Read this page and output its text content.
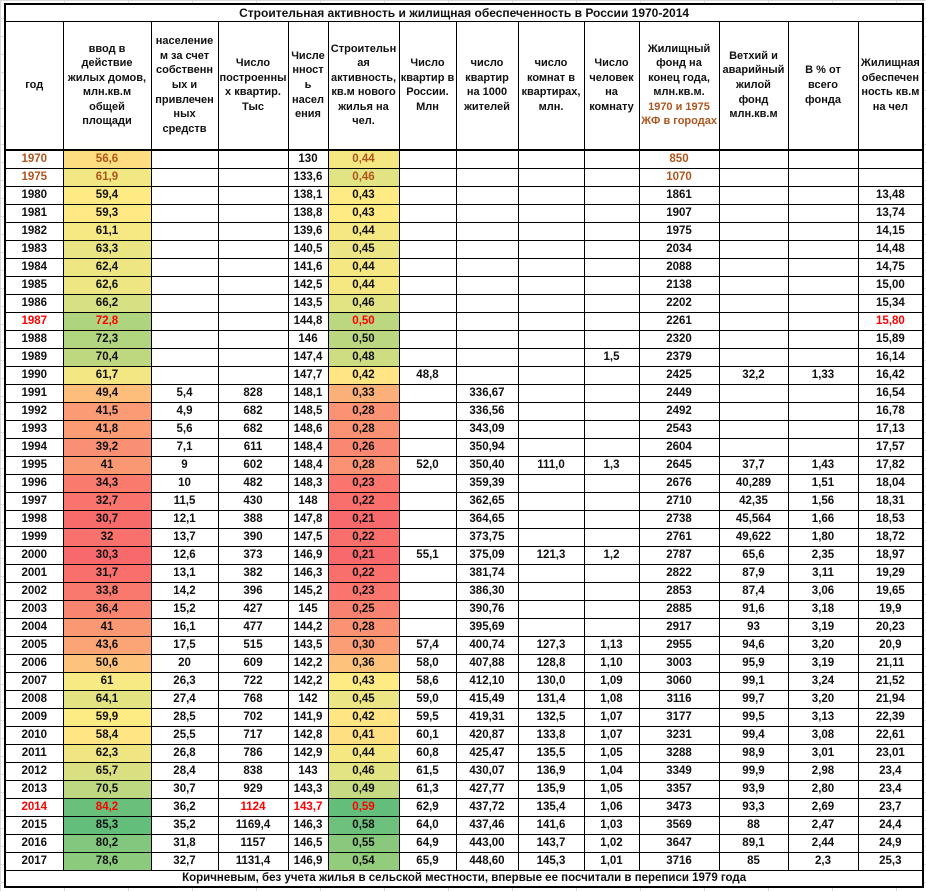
Строительная активность и жилищная обеспеченность в России 1970-2014													
год	ввод в действие жилых домов, млн.кв.м общей площади	населением за счет собственных и привлеченных средств	Число построенных квартир. Тыс	Численность населения	Строительная активность, кв.м нового жилья на чел.	Число квартир в России. Млн	число квартир на 1000 жителей	число комнат в квартирах, млн.	Число человек на комнату	Жилищный фонд на конец года, млн.кв.м. 1970 и 1975 ЖФ в городах	Ветхий и аварийный жилой фонд млн.кв.м	В % от всего фонда	Жилищная обеспеченность кв.м на чел
1970	56,6			130	0,44					850			
1975	61,9			133,6	0,46					1070			
1980	59,4			138,1	0,43					1861			13,48
1981	59,3			138,8	0,43					1907			13,74
1982	61,1			139,6	0,44					1975			14,15
1983	63,3			140,5	0,45					2034			14,48
1984	62,4			141,6	0,44					2088			14,75
1985	62,6			142,5	0,44					2138			15,00
1986	66,2			143,5	0,46					2202			15,34
1987	72,8			144,8	0,50					2261			15,80
1988	72,3			146	0,50					2320			15,89
1989	70,4			147,4	0,48				1,5	2379			16,14
1990	61,7			147,7	0,42	48,8				2425	32,2	1,33	16,42
1991	49,4	5,4	828	148,1	0,33		336,67			2449			16,54
1992	41,5	4,9	682	148,5	0,28		336,56			2492			16,78
1993	41,8	5,6	682	148,6	0,28		343,09			2543			17,13
1994	39,2	7,1	611	148,4	0,26		350,94			2604			17,57
1995	41	9	602	148,4	0,28	52,0	350,40	111,0	1,3	2645	37,7	1,43	17,82
1996	34,3	10	482	148,3	0,23		359,39			2676	40,289	1,51	18,04
1997	32,7	11,5	430	148	0,22		362,65			2710	42,35	1,56	18,31
1998	30,7	12,1	388	147,8	0,21		364,65			2738	45,564	1,66	18,53
1999	32	13,7	390	147,5	0,22		373,75			2761	49,622	1,80	18,72
2000	30,3	12,6	373	146,9	0,21	55,1	375,09	121,3	1,2	2787	65,6	2,35	18,97
2001	31,7	13,1	382	146,3	0,22		381,74			2822	87,9	3,11	19,29
2002	33,8	14,2	396	145,2	0,23		386,30			2853	87,4	3,06	19,65
2003	36,4	15,2	427	145	0,25		390,76			2885	91,6	3,18	19,9
2004	41	16,1	477	144,2	0,28		395,69			2917	93	3,19	20,23
2005	43,6	17,5	515	143,5	0,30	57,4	400,74	127,3	1,13	2955	94,6	3,20	20,9
2006	50,6	20	609	142,2	0,36	58,0	407,88	128,8	1,10	3003	95,9	3,19	21,11
2007	61	26,3	722	142,2	0,43	58,6	412,10	130,0	1,09	3060	99,1	3,24	21,52
2008	64,1	27,4	768	142	0,45	59,0	415,49	131,4	1,08	3116	99,7	3,20	21,94
2009	59,9	28,5	702	141,9	0,42	59,5	419,31	132,5	1,07	3177	99,5	3,13	22,39
2010	58,4	25,5	717	142,8	0,41	60,1	420,87	133,8	1,07	3231	99,4	3,08	22,61
2011	62,3	26,8	786	142,9	0,44	60,8	425,47	135,5	1,05	3288	98,9	3,01	23,01
2012	65,7	28,4	838	143	0,46	61,5	430,07	136,9	1,04	3349	99,9	2,98	23,4
2013	70,5	30,7	929	143,3	0,49	61,3	427,77	135,9	1,05	3357	93,9	2,80	23,4
2014	84,2	36,2	1124	143,7	0,59	62,9	437,72	135,4	1,06	3473	93,3	2,69	23,7
2015	85,3	35,2	1169,4	146,3	0,58	64,0	437,46	141,6	1,03	3569	88	2,47	24,4
2016	80,2	31,8	1157	146,5	0,55	64,9	443,00	143,7	1,02	3647	89,1	2,44	24,9
2017	78,6	32,7	1131,4	146,9	0,54	65,9	448,60	145,3	1,01	3716	85	2,3	25,3
Коричневым, без учета жилья в сельской местности, впервые ее посчитали в переписи 1979 года													
